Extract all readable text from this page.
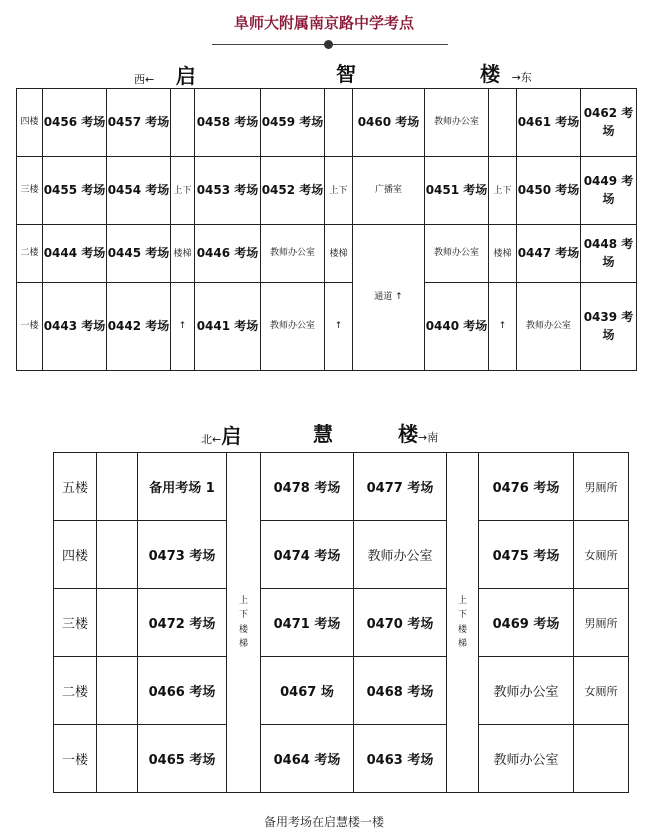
阜师大附属南京路中学考点
西← 启	智	楼 →东
四楼	0456 考场	0457 考场		0458 考场	0459 考场		0460 考场	教师办公室		0461 考场	0462 考场
三楼	0455 考场	0454 考场	上下	0453 考场	0452 考场	上下	广播室	0451 考场	上下	0450 考场	0449 考场
二楼	0444 考场	0445 考场	楼梯	0446 考场	教师办公室	楼梯	通道 ↑	教师办公室	楼梯	0447 考场	0448 考场
一楼	0443 考场	0442 考场	↑	0441 考场	教师办公室	↑		0440 考场	↑	教师办公室	0439 考场
北←启	慧	楼→南
五楼		备用考场 1	上下楼梯	0478 考场	0477 考场	上下楼梯	0476 考场	男厕所
四楼		0473 考场		0474 考场	教师办公室		0475 考场	女厕所
三楼		0472 考场		0471 考场	0470 考场		0469 考场	男厕所
二楼		0466 考场		0467 场	0468 考场		教师办公室	女厕所
一楼		0465 考场		0464 考场	0463 考场		教师办公室	
备用考场在启慧楼一楼
